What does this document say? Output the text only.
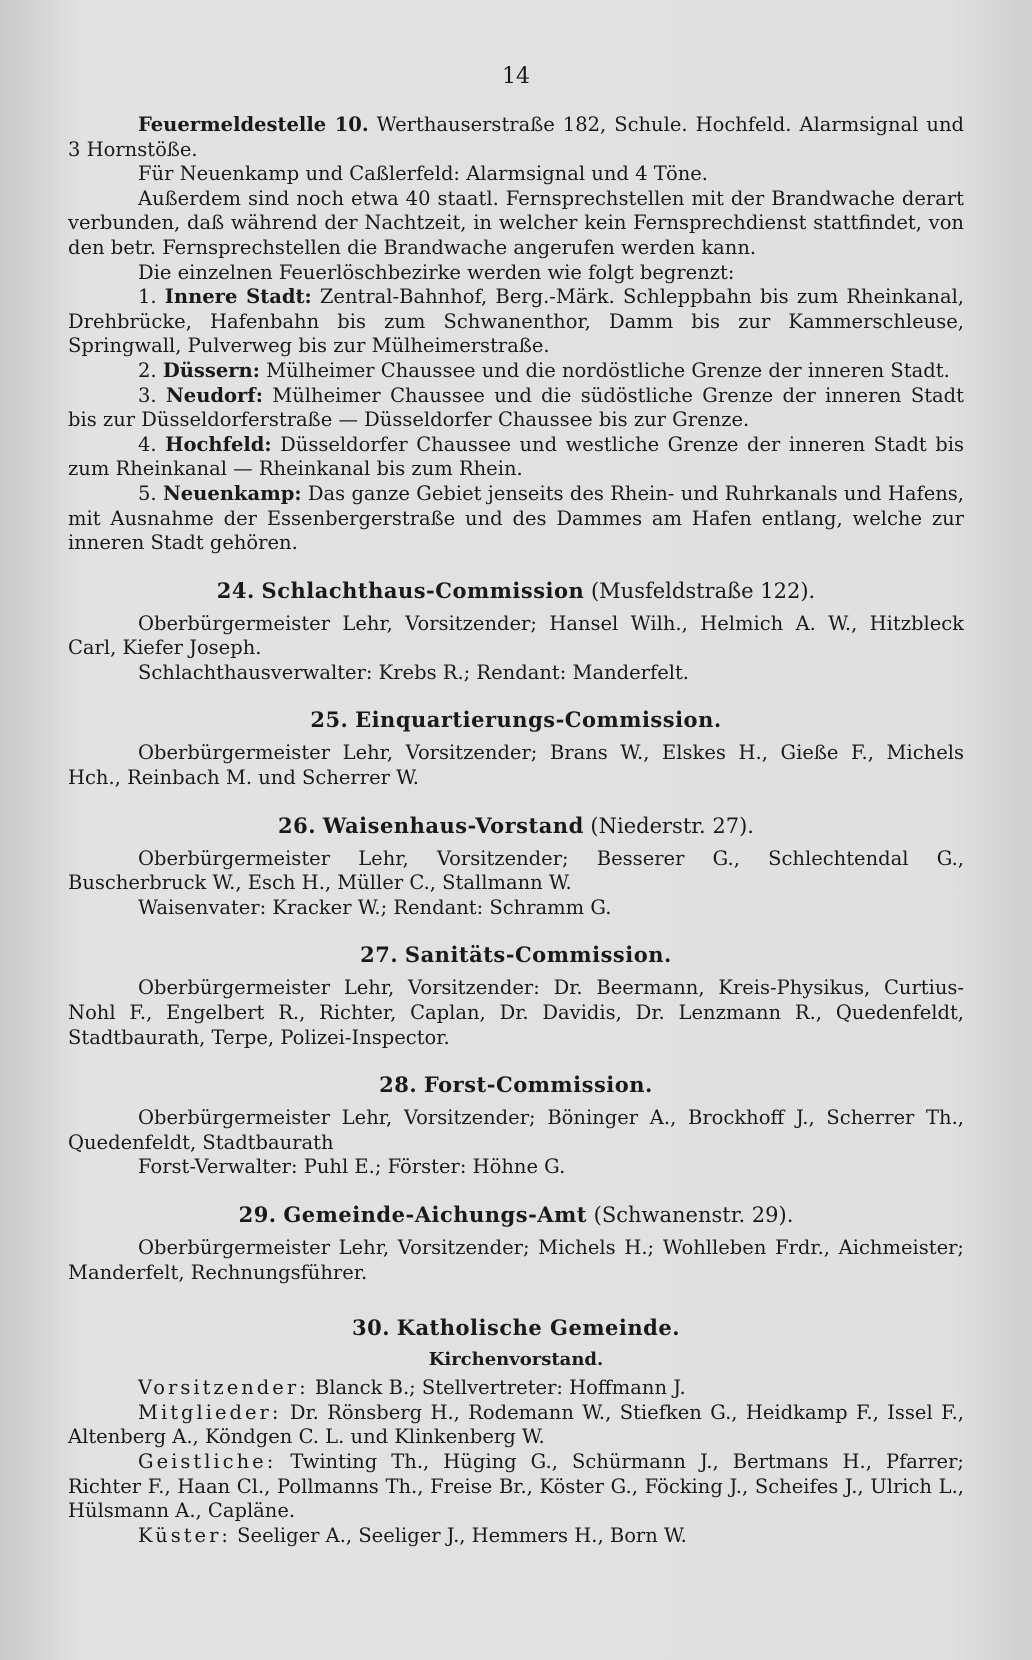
14

Feuermeldestelle 10. Werthauserstraße 182, Schule. Hochfeld. Alarmsignal und 3 Hornstöße.

Für Neuenkamp und Caßlerfeld: Alarmsignal und 4 Töne.

Außerdem sind noch etwa 40 staatl. Fernsprechstellen mit der Brandwache derart verbunden, daß während der Nachtzeit, in welcher kein Fernsprechdienst stattfindet, von den betr. Fernsprechstellen die Brandwache angerufen werden kann.

Die einzelnen Feuerlöschbezirke werden wie folgt begrenzt:

1. Innere Stadt: Zentral-Bahnhof, Berg.-Märk. Schleppbahn bis zum Rheinkanal, Drehbrücke, Hafenbahn bis zum Schwanenthor, Damm bis zur Kammerschleuse, Springwall, Pulverweg bis zur Mülheimerstraße.

2. Düssern: Mülheimer Chaussee und die nordöstliche Grenze der inneren Stadt.

3. Neudorf: Mülheimer Chaussee und die südöstliche Grenze der inneren Stadt bis zur Düsseldorferstraße — Düsseldorfer Chaussee bis zur Grenze.

4. Hochfeld: Düsseldorfer Chaussee und westliche Grenze der inneren Stadt bis zum Rheinkanal — Rheinkanal bis zum Rhein.

5. Neuenkamp: Das ganze Gebiet jenseits des Rhein- und Ruhrkanals und Hafens, mit Ausnahme der Essenbergerstraße und des Dammes am Hafen entlang, welche zur inneren Stadt gehören.

24. Schlachthaus-Commission (Musfeldstraße 122).

Oberbürgermeister Lehr, Vorsitzender; Hansel Wilh., Helmich A. W., Hitzbleck Carl, Kiefer Joseph.

Schlachthausverwalter: Krebs R.; Rendant: Manderfelt.

25. Einquartierungs-Commission.

Oberbürgermeister Lehr, Vorsitzender; Brans W., Elskes H., Gieße F., Michels Hch., Reinbach M. und Scherrer W.

26. Waisenhaus-Vorstand (Niederstr. 27).

Oberbürgermeister Lehr, Vorsitzender; Besserer G., Schlechtendal G., Buscherbruck W., Esch H., Müller C., Stallmann W.

Waisenvater: Kracker W.; Rendant: Schramm G.

27. Sanitäts-Commission.

Oberbürgermeister Lehr, Vorsitzender: Dr. Beermann, Kreis-Physikus, Curtius-Nohl F., Engelbert R., Richter, Caplan, Dr. Davidis, Dr. Lenzmann R., Quedenfeldt, Stadtbaurath, Terpe, Polizei-Inspector.

28. Forst-Commission.

Oberbürgermeister Lehr, Vorsitzender; Böninger A., Brockhoff J., Scherrer Th., Quedenfeldt, Stadtbaurath

Forst-Verwalter: Puhl E.; Förster: Höhne G.

29. Gemeinde-Aichungs-Amt (Schwanenstr. 29).

Oberbürgermeister Lehr, Vorsitzender; Michels H.; Wohlleben Frdr., Aichmeister; Manderfelt, Rechnungsführer.

30. Katholische Gemeinde.
Kirchenvorstand.

Vorsitzender: Blanck B.; Stellvertreter: Hoffmann J.

Mitglieder: Dr. Rönsberg H., Rodemann W., Stiefken G., Heidkamp F., Issel F., Altenberg A., Köndgen C. L. und Klinkenberg W.

Geistliche: Twinting Th., Hüging G., Schürmann J., Bertmans H., Pfarrer; Richter F., Haan Cl., Pollmanns Th., Freise Br., Köster G., Föcking J., Scheifes J., Ulrich L., Hülsmann A., Capläne.

Küster: Seeliger A., Seeliger J., Hemmers H., Born W.
